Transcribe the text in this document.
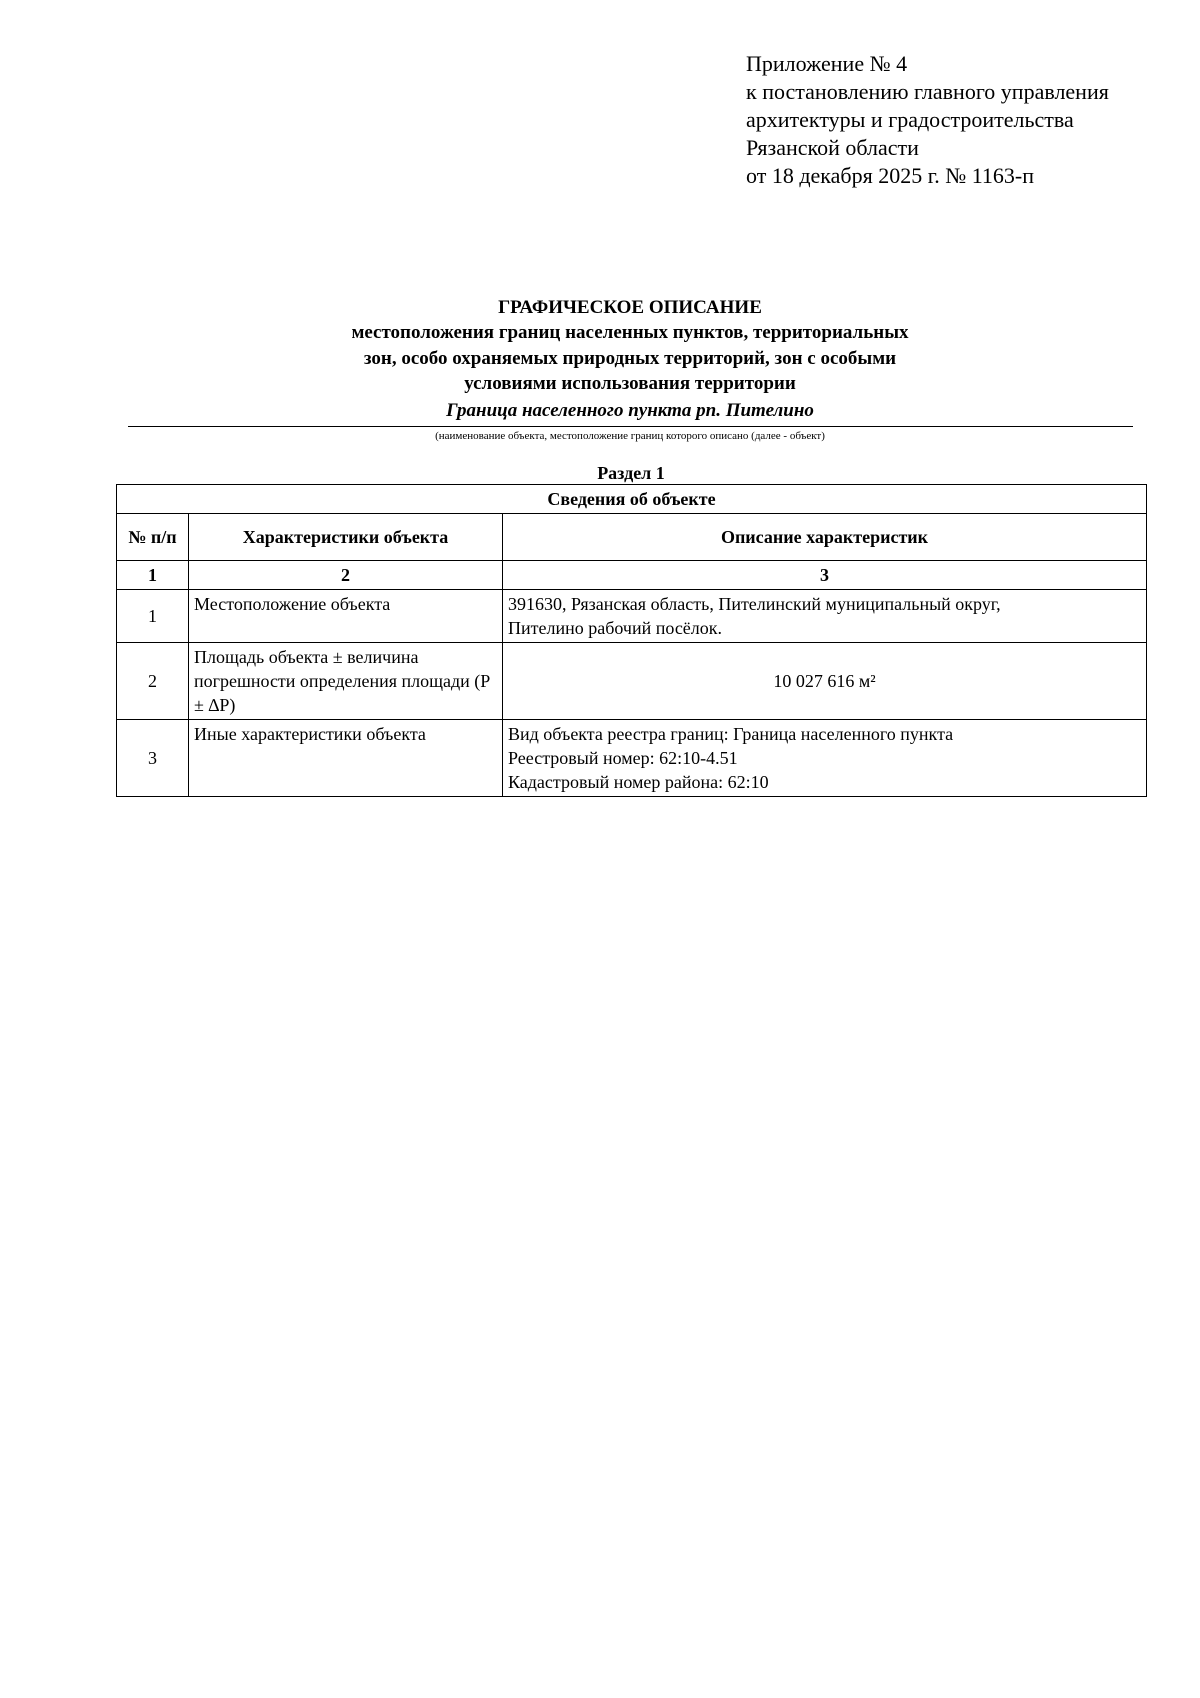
Приложение № 4
к постановлению главного управления
архитектуры и градостроительства
Рязанской области
от 18 декабря 2025 г. № 1163-п
ГРАФИЧЕСКОЕ ОПИСАНИЕ
местоположения границ населенных пунктов, территориальных
зон, особо охраняемых природных территорий, зон с особыми
условиями использования территории
Граница населенного пункта рп. Пителино
(наименование объекта, местоположение границ которого описано (далее - объект)
Раздел 1
Сведения об объекте		
№ п/п	Характеристики объекта	Описание характеристик
1	2	3
1	Местоположение объекта	391630, Рязанская область, Пителинский муниципальный округ,
Пителино рабочий посёлок.

2	Площадь объекта ± величина погрешности определения площади (P ± ∆P)	10 027 616 м²

3	Иные характеристики объекта	Вид объекта реестра границ: Граница населенного пункта
Реестровый номер: 62:10-4.51
Кадастровый номер района: 62:10
